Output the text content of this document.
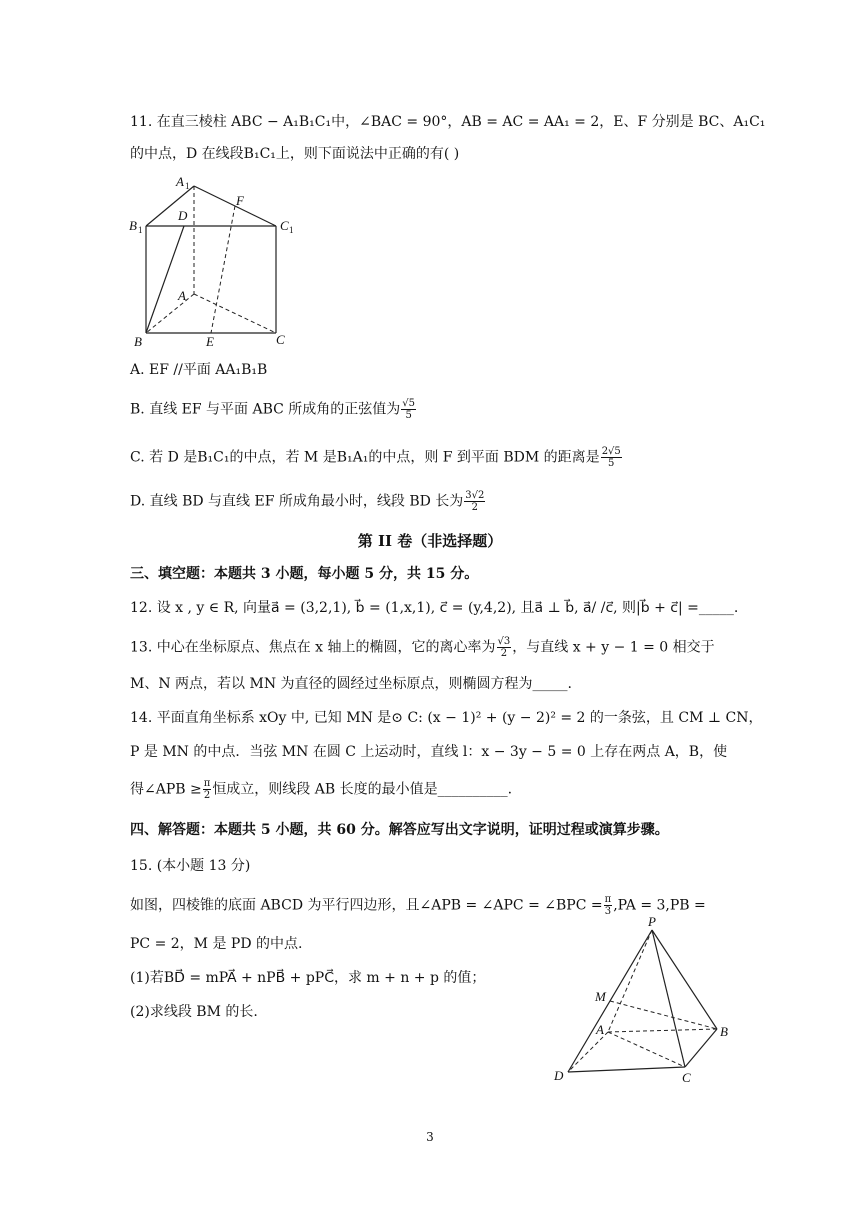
11. 在直三棱柱 ABC − A₁B₁C₁中，∠BAC = 90°，AB = AC = AA₁ = 2，E、F 分别是 BC、A₁C₁
的中点，D 在线段B₁C₁上，则下面说法中正确的有( )
A 1
B 1	C 1
D
F
A
B	C
E
A. EF //平面 AA₁B₁B
B. 直线 EF 与平面 ABC 所成角的正弦值为 $\frac{√5}{5}$
C. 若 D 是B₁C₁的中点，若 M 是B₁A₁的中点，则 F 到平面 BDM 的距离是 $\frac{2√5}{5}$
D. 直线 BD 与直线 EF 所成角最小时，线段 BD 长为 $\frac{3√2}{2}$
第 II 卷（非选择题）
三、填空题：本题共 3 小题，每小题 5 分，共 15 分。
12. 设 x , y ∈ R, 向量a⃗ = (3,2,1), b⃗ = (1,x,1), c⃗ = (y,4,2), 且a⃗ ⊥ b⃗, a⃗/ /c⃗, 则|b⃗ + c⃗| =_____.
13. 中心在坐标原点、焦点在 x 轴上的椭圆，它的离心率为 $\frac{√3}{2}$ ，与直线 x + y − 1 = 0 相交于
M、N 两点，若以 MN 为直径的圆经过坐标原点，则椭圆方程为_____.
14. 平面直角坐标系 xOy 中, 已知 MN 是⊙ C: (x − 1)² + (y − 2)² = 2 的一条弦，且 CM ⊥ CN，
P 是 MN 的中点．当弦 MN 在圆 C 上运动时，直线 l：x − 3y − 5 = 0 上存在两点 A，B，使
得∠APB ≥ $\frac{\pi}{2}$ 恒成立，则线段 AB 长度的最小值是__________.
四、解答题：本题共 5 小题，共 60 分。解答应写出文字说明，证明过程或演算步骤。
15. (本小题 13 分)
如图，四棱锥的底面 ABCD 为平行四边形，且∠APB = ∠APC = ∠BPC = $\frac{\pi}{3} ,PA = 3,PB$ =
PC = 2，M 是 PD 的中点.
(1)若BD⃗ = mPA⃗ + nPB⃗ + pPC⃗，求 m + n + p 的值；
(2)求线段 BM 的长.
P
M
A	B
C
D
3
